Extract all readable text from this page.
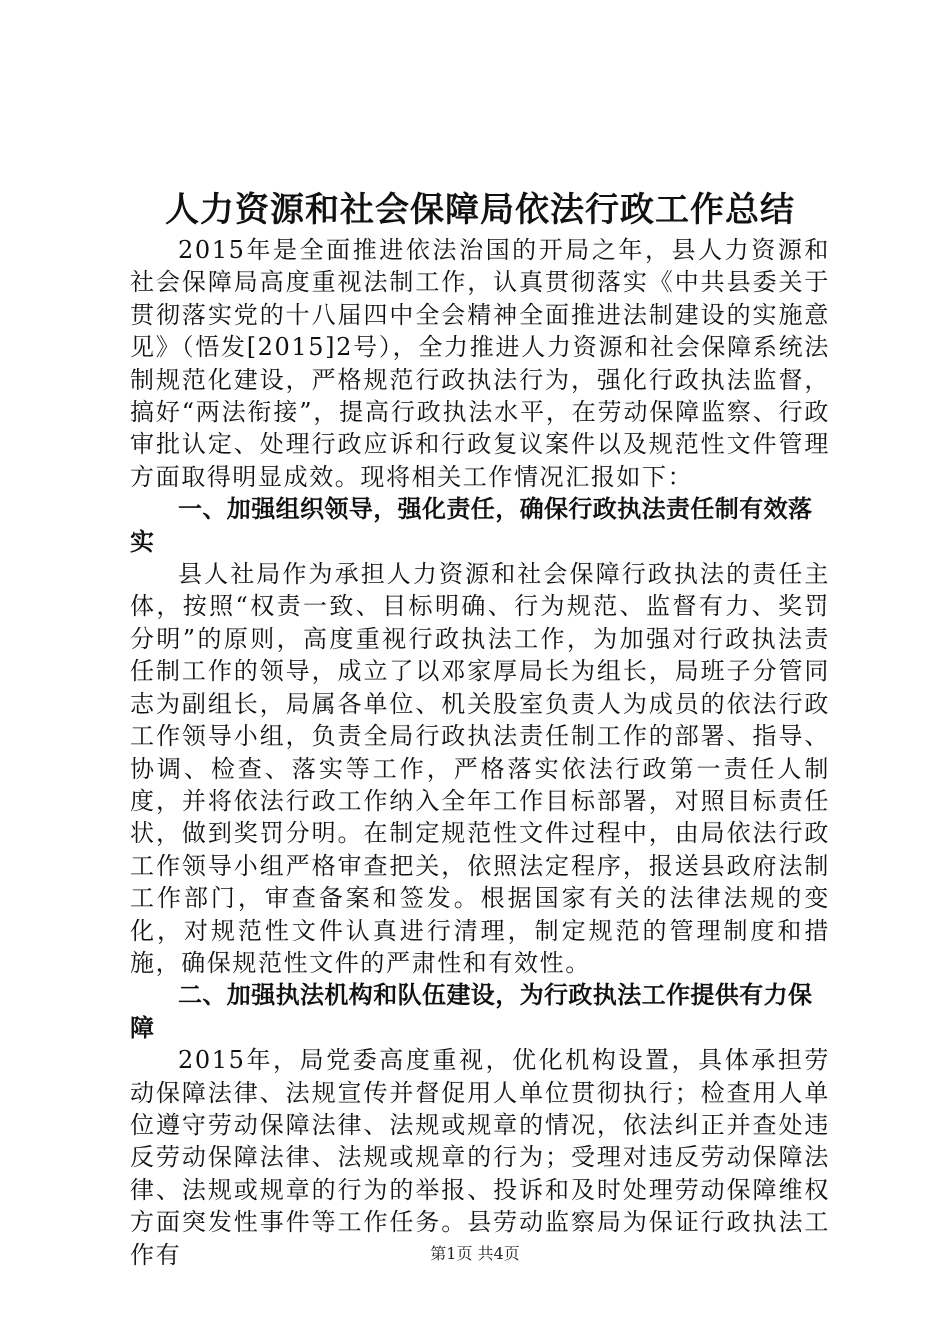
人力资源和社会保障局依法行政工作总结

2015年是全面推进依法治国的开局之年，县人力资源和社会保障局高度重视法制工作，认真贯彻落实《中共县委关于贯彻落实党的十八届四中全会精神全面推进法制建设的实施意见》（悟发[2015]2号），全力推进人力资源和社会保障系统法制规范化建设，严格规范行政执法行为，强化行政执法监督，搞好“两法衔接”，提高行政执法水平，在劳动保障监察、行政审批认定、处理行政应诉和行政复议案件以及规范性文件管理方面取得明显成效。现将相关工作情况汇报如下：

一、加强组织领导，强化责任，确保行政执法责任制有效落实

县人社局作为承担人力资源和社会保障行政执法的责任主体，按照“权责一致、目标明确、行为规范、监督有力、奖罚分明”的原则，高度重视行政执法工作，为加强对行政执法责任制工作的领导，成立了以邓家厚局长为组长，局班子分管同志为副组长，局属各单位、机关股室负责人为成员的依法行政工作领导小组，负责全局行政执法责任制工作的部署、指导、协调、检查、落实等工作，严格落实依法行政第一责任人制度，并将依法行政工作纳入全年工作目标部署，对照目标责任状，做到奖罚分明。在制定规范性文件过程中，由局依法行政工作领导小组严格审查把关，依照法定程序，报送县政府法制工作部门，审查备案和签发。根据国家有关的法律法规的变化，对规范性文件认真进行清理，制定规范的管理制度和措施，确保规范性文件的严肃性和有效性。

二、加强执法机构和队伍建设，为行政执法工作提供有力保障

2015年，局党委高度重视，优化机构设置，具体承担劳动保障法律、法规宣传并督促用人单位贯彻执行；检查用人单位遵守劳动保障法律、法规或规章的情况，依法纠正并查处违反劳动保障法律、法规或规章的行为；受理对违反劳动保障法律、法规或规章的行为的举报、投诉和及时处理劳动保障维权方面突发性事件等工作任务。县劳动监察局为保证行政执法工作有	第1页 共4页
